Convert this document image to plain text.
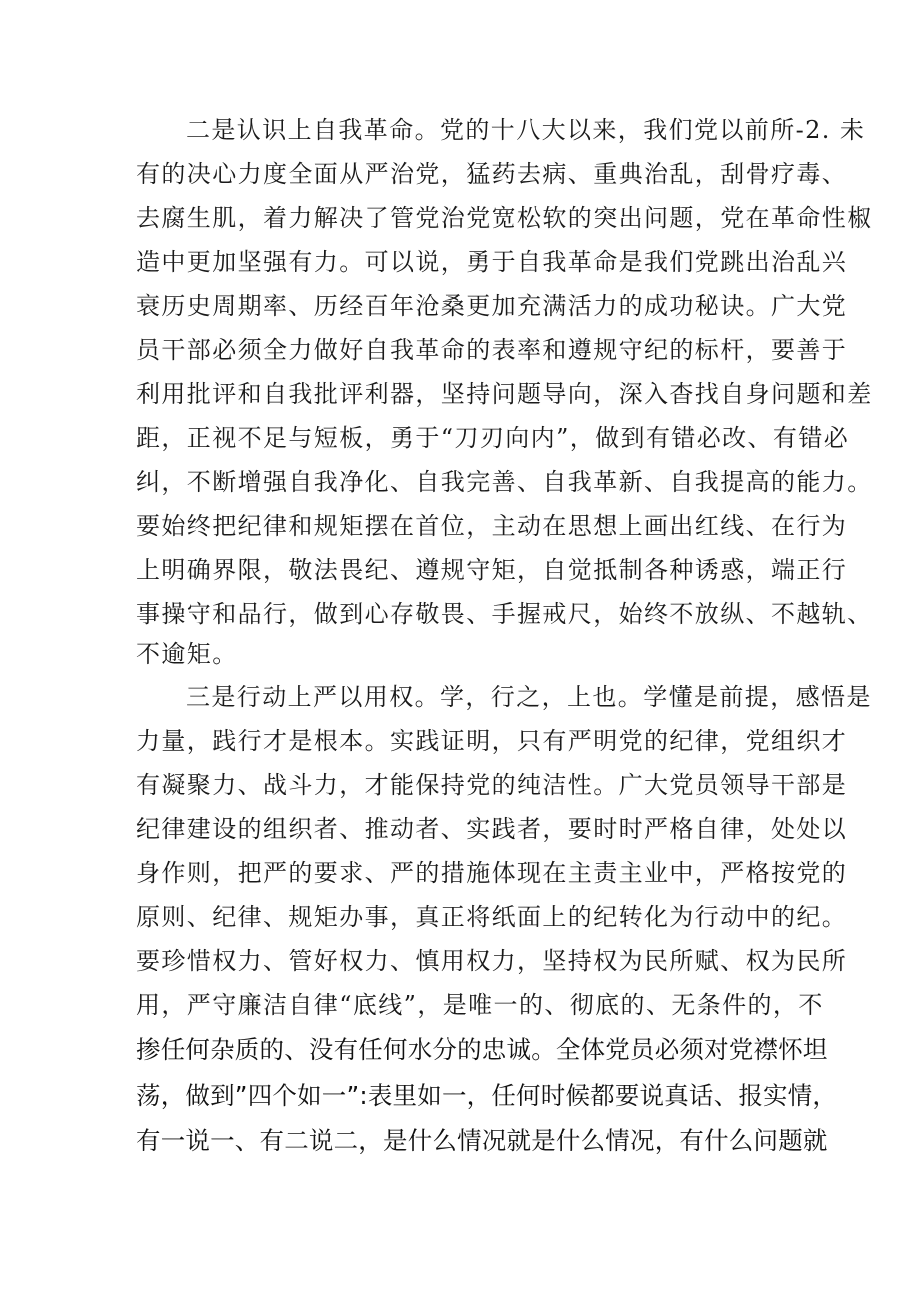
二是认识上自我革命。党的十八大以来，我们党以前所-2. 未
有的决心力度全面从严治党，猛药去病、重典治乱，刮骨疗毒、
去腐生肌，着力解决了管党治党宽松软的突出问题，党在革命性椒
造中更加坚强有力。可以说，勇于自我革命是我们党跳出治乱兴
衰历史周期率、历经百年沧桑更加充满活力的成功秘诀。广大党
员干部必须全力做好自我革命的表率和遵规守纪的标杆，要善于
利用批评和自我批评利器，坚持问题导向，深入杳找自身问题和差
距，正视不足与短板，勇于“刀刃向内”，做到有错必改、有错必
纠，不断增强自我净化、自我完善、自我革新、自我提高的能力。
要始终把纪律和规矩摆在首位，主动在思想上画出红线、在行为
上明确界限，敬法畏纪、遵规守矩，自觉抵制各种诱惑，端正行
事操守和品行，做到心存敬畏、手握戒尺，始终不放纵、不越轨、
不逾矩。
三是行动上严以用权。学，行之，上也。学懂是前提，感悟是
力量，践行才是根本。实践证明，只有严明党的纪律，党组织才
有凝聚力、战斗力，才能保持党的纯洁性。广大党员领导干部是
纪律建设的组织者、推动者、实践者，要时时严格自律，处处以
身作则，把严的要求、严的措施体现在主责主业中，严格按党的
原则、纪律、规矩办事，真正将纸面上的纪转化为行动中的纪。
要珍惜权力、管好权力、慎用权力，坚持权为民所赋、权为民所
用，严守廉洁自律“底线”，是唯一的、彻底的、无条件的，不
掺任何杂质的、没有任何水分的忠诚。全体党员必须对党襟怀坦
荡，做到”四个如一”:表里如一，任何时候都要说真话、报实情，
有一说一、有二说二，是什么情况就是什么情况，有什么问题就
